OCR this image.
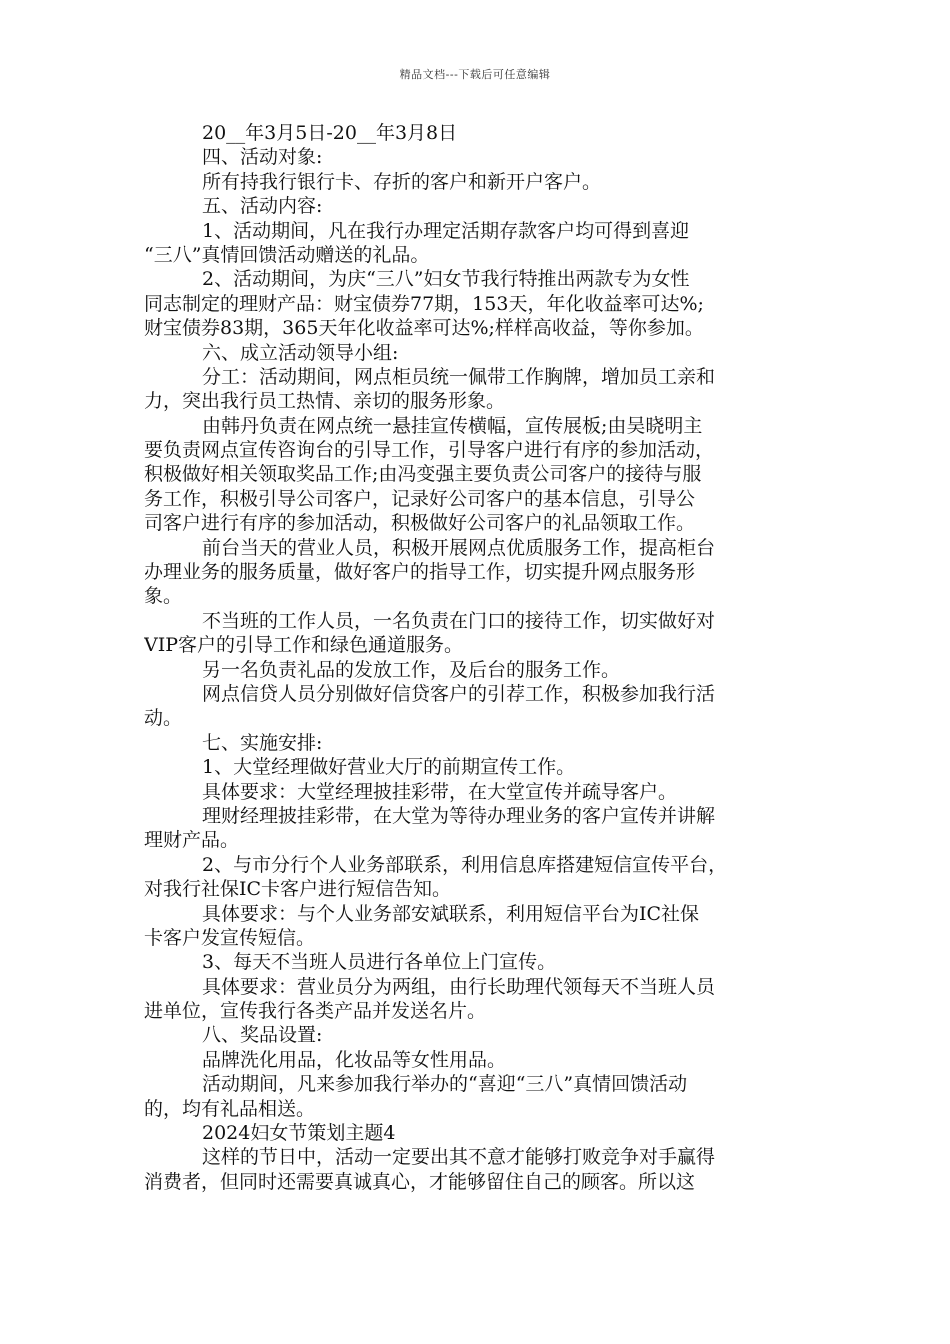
精品文档---下载后可任意编辑
20__年3月5日-20__年3月8日
四、活动对象:
所有持我行银行卡、存折的客户和新开户客户。
五、活动内容:
1、活动期间，凡在我行办理定活期存款客户均可得到喜迎
“三八”真情回馈活动赠送的礼品。
2、活动期间，为庆“三八”妇女节我行特推出两款专为女性
同志制定的理财产品：财宝债券77期，153天，年化收益率可达%;
财宝债券83期，365天年化收益率可达%;样样高收益，等你参加。
六、成立活动领导小组:
分工：活动期间，网点柜员统一佩带工作胸牌，增加员工亲和
力，突出我行员工热情、亲切的服务形象。
由韩丹负责在网点统一悬挂宣传横幅，宣传展板;由吴晓明主
要负责网点宣传咨询台的引导工作，引导客户进行有序的参加活动，
积极做好相关领取奖品工作;由冯变强主要负责公司客户的接待与服
务工作，积极引导公司客户，记录好公司客户的基本信息，引导公
司客户进行有序的参加活动，积极做好公司客户的礼品领取工作。
前台当天的营业人员，积极开展网点优质服务工作，提高柜台
办理业务的服务质量，做好客户的指导工作，切实提升网点服务形
象。
不当班的工作人员，一名负责在门口的接待工作，切实做好对
VIP客户的引导工作和绿色通道服务。
另一名负责礼品的发放工作，及后台的服务工作。
网点信贷人员分别做好信贷客户的引荐工作，积极参加我行活
动。
七、实施安排:
1、大堂经理做好营业大厅的前期宣传工作。
具体要求：大堂经理披挂彩带，在大堂宣传并疏导客户。
理财经理披挂彩带，在大堂为等待办理业务的客户宣传并讲解
理财产品。
2、与市分行个人业务部联系，利用信息库搭建短信宣传平台，
对我行社保IC卡客户进行短信告知。
具体要求：与个人业务部安斌联系，利用短信平台为IC社保
卡客户发宣传短信。
3、每天不当班人员进行各单位上门宣传。
具体要求：营业员分为两组，由行长助理代领每天不当班人员
进单位，宣传我行各类产品并发送名片。
八、奖品设置:
品牌洗化用品，化妆品等女性用品。
活动期间，凡来参加我行举办的“喜迎“三八”真情回馈活动
的，均有礼品相送。
2024妇女节策划主题4
这样的节日中，活动一定要出其不意才能够打败竞争对手赢得
消费者，但同时还需要真诚真心，才能够留住自己的顾客。所以这
